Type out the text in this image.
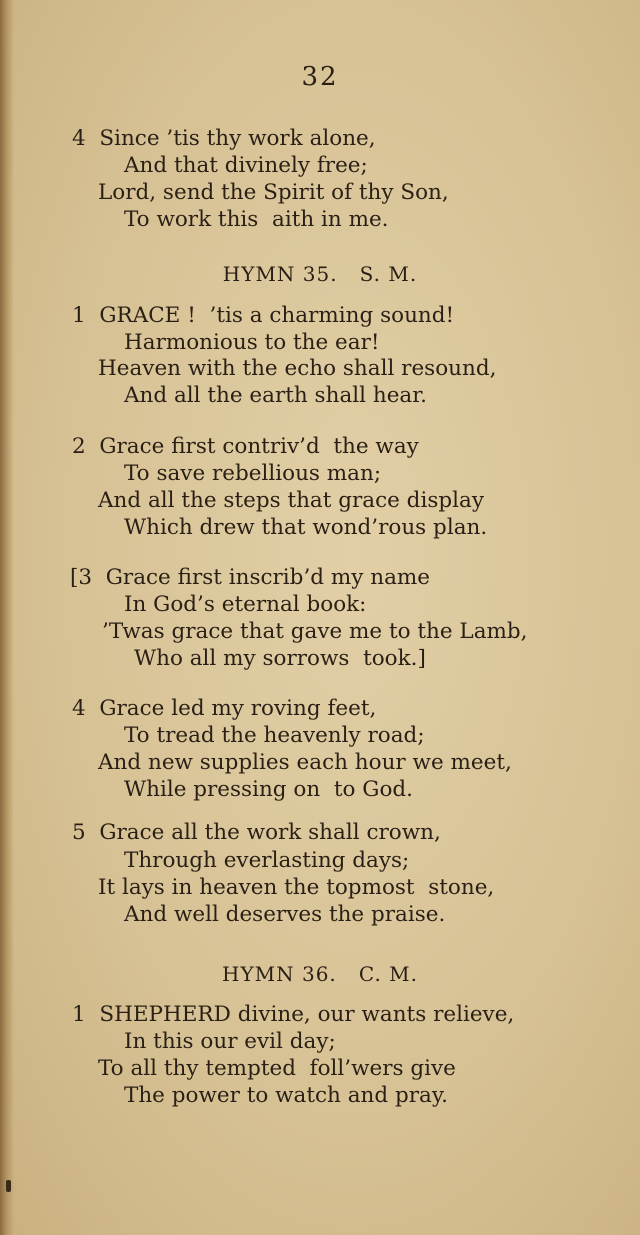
32
4  Since ’tis thy work alone,
And that divinely free;
Lord, send the Spirit of thy Son,
To work this  aith in me.
HYMN 35.   S. M.
1  GRACE !  ’tis a charming sound!
Harmonious to the ear!
Heaven with the echo shall resound,
And all the earth shall hear.
2  Grace first contriv’d  the way
To save rebellious man;
And all the steps that grace display
Which drew that wond’rous plan.
[3  Grace first inscrib’d my name
In God’s eternal book:
’Twas grace that gave me to the Lamb,
Who all my sorrows  took.]
4  Grace led my roving feet,
To tread the heavenly road;
And new supplies each hour we meet,
While pressing on  to God.
5  Grace all the work shall crown,
Through everlasting days;
It lays in heaven the topmost  stone,
And well deserves the praise.
HYMN 36.   C. M.
1  SHEPHERD divine, our wants relieve,
In this our evil day;
To all thy tempted  foll’wers give
The power to watch and pray.
